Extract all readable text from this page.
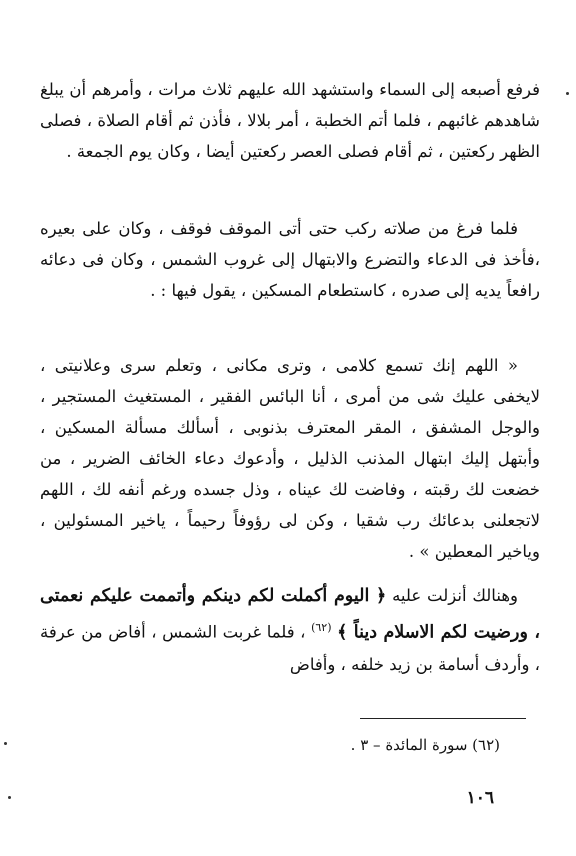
فرفع أصبعه إلى السماء واستشهد الله عليهم ثلاث مرات ، وأمرهم أن يبلغ شاهدهم غائبهم ، فلما أتم الخطبة ، أمر بلالا ، فأذن ثم أقام الصلاة ، فصلى الظهر ركعتين ، ثم أقام فصلى العصر ركعتين أيضا ، وكان يوم الجمعة .

فلما فرغ من صلاته ركب حتى أتى الموقف فوقف ، وكان على بعيره ،فأخذ فى الدعاء والتضرع والابتهال إلى غروب الشمس ، وكان فى دعائه رافعاً يديه إلى صدره ، كاستطعام المسكين ، يقول فيها : .

« اللهم إنك تسمع كلامى ، وترى مكانى ، وتعلم سرى وعلانيتى ، لايخفى عليك شى من أمرى ، أنا البائس الفقير ، المستغيث المستجير ، والوجل المشفق ، المقر المعترف بذنوبى ، أسألك مسألة المسكين ، وأبتهل إليك ابتهال المذنب الذليل ، وأدعوك دعاء الخائف الضرير ، من خضعت لك رقبته ، وفاضت لك عيناه ، وذل جسده ورغم أنفه لك ، اللهم لاتجعلنى بدعائك رب شقيا ، وكن لى رؤوفاً رحيماً ، ياخير المسئولين ، وياخير المعطين » .

وهنالك أنزلت عليه ﴿ اليوم أكملت لكم دينكم وأتممت عليكم نعمتى ، ورضيت لكم الاسلام ديناً ﴾ $^{(٦٢)}$ ، فلما غربت الشمس ، أفاض من عرفة ، وأردف أسامة بن زيد خلفه ، وأفاض

(٦٢) سورة المائدة – ٣ .
١٠٦
